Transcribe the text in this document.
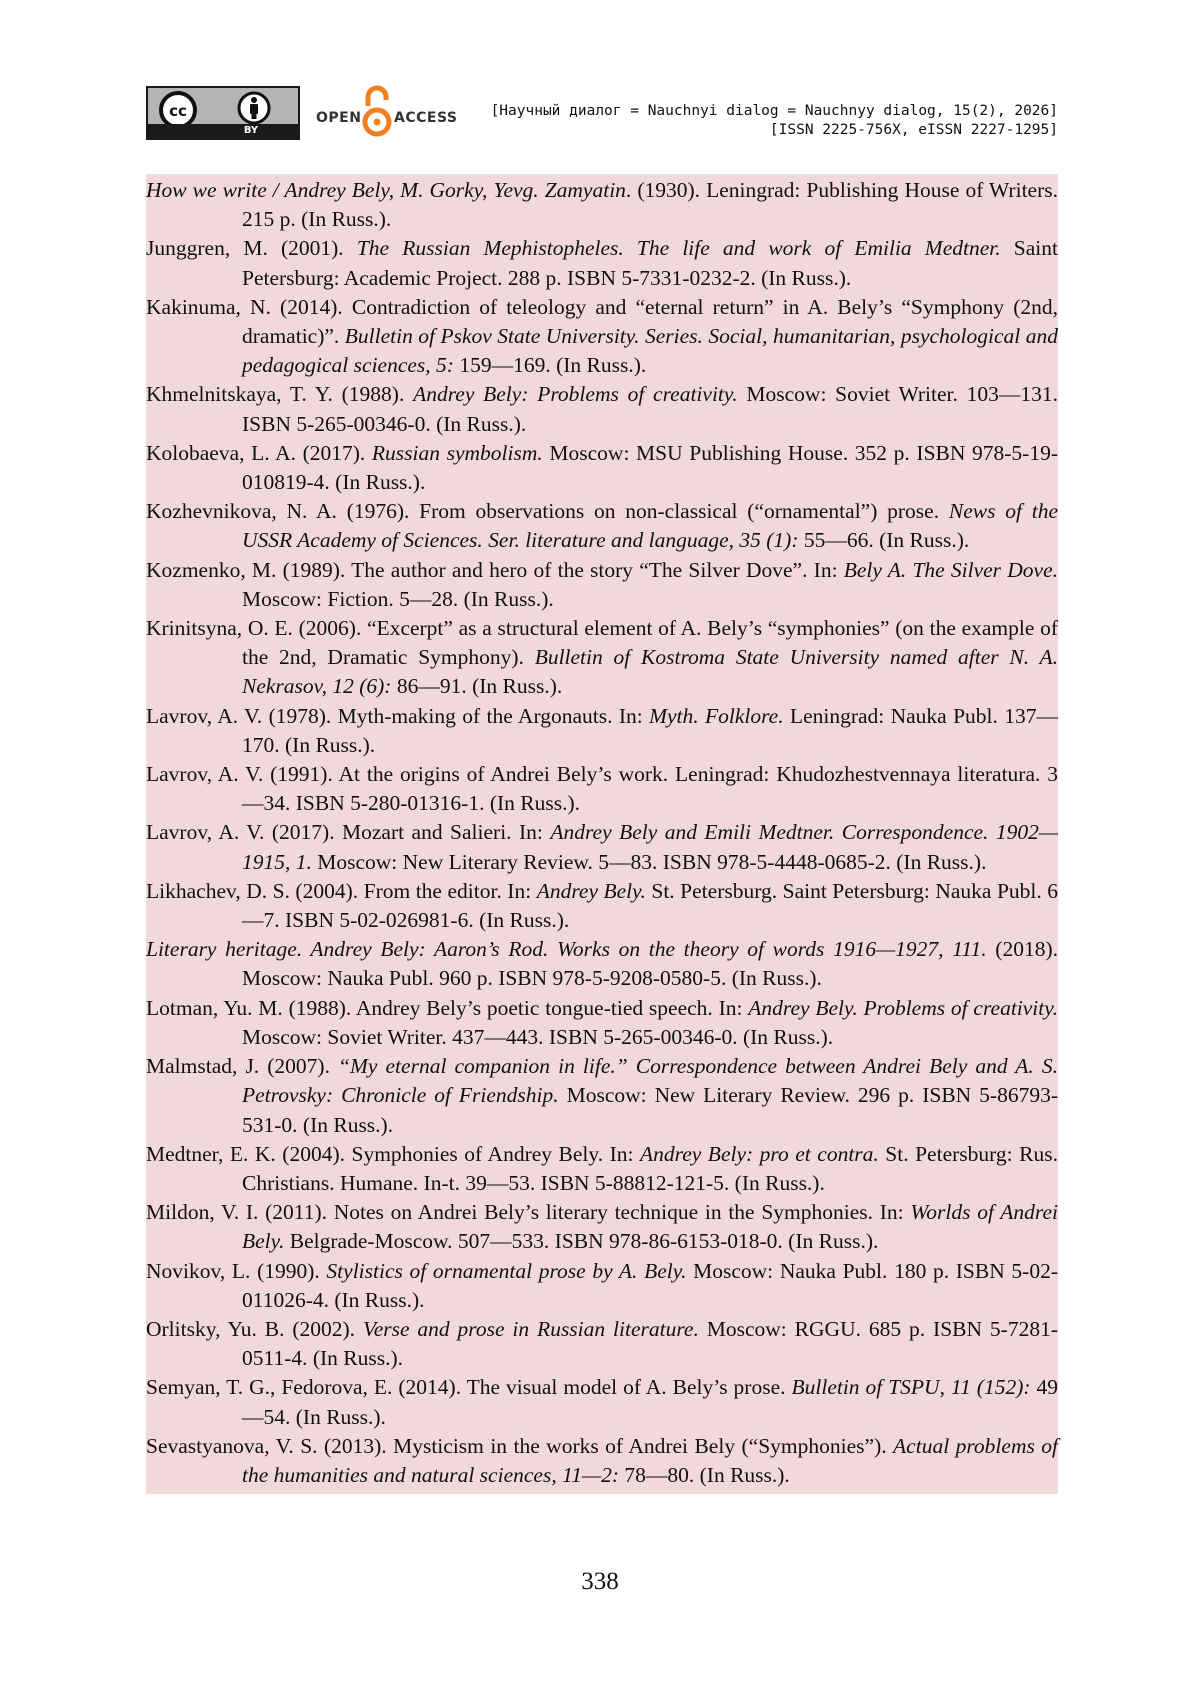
cc
BY
OPEN ACCESS [Научный диалог = Nauchnyi dialog = Nauchnyy dialog, 15(2), 2026]
[ISSN 2225-756X, eISSN 2227-1295]

How we write / Andrey Bely, M. Gorky, Yevg. Zamyatin. (1930). Leningrad: Publishing House of Writers. 215 p. (In Russ.).

Junggren, M. (2001). The Russian Mephistopheles. The life and work of Emilia Medtner. Saint Petersburg: Academic Project. 288 p. ISBN 5-7331-0232-2. (In Russ.).

Kakinuma, N. (2014). Contradiction of teleology and “eternal return” in A. Bely’s “Symphony (2nd, dramatic)”. Bulletin of Pskov State University. Series. Social, humanitarian, psychological and pedagogical sciences, 5: 159—169. (In Russ.).

Khmelnitskaya, T. Y. (1988). Andrey Bely: Problems of creativity. Moscow: Soviet Writer. 103—131. ISBN 5-265-00346-0. (In Russ.).

Kolobaeva, L. A. (2017). Russian symbolism. Moscow: MSU Publishing House. 352 p. ISBN 978-5-19-010819-4. (In Russ.).

Kozhevnikova, N. A. (1976). From observations on non-classical (“ornamental”) prose. News of the USSR Academy of Sciences. Ser. literature and language, 35 (1): 55—66. (In Russ.).

Kozmenko, M. (1989). The author and hero of the story “The Silver Dove”. In: Bely A. The Silver Dove. Moscow: Fiction. 5—28. (In Russ.).

Krinitsyna, O. E. (2006). “Excerpt” as a structural element of A. Bely’s “symphonies” (on the example of the 2nd, Dramatic Symphony). Bulletin of Kostroma State University named after N. A. Nekrasov, 12 (6): 86—91. (In Russ.).

Lavrov, A. V. (1978). Myth-making of the Argonauts. In: Myth. Folklore. Leningrad: Nauka Publ. 137—170. (In Russ.).

Lavrov, A. V. (1991). At the origins of Andrei Bely’s work. Leningrad: Khudozhestvennaya literatura. 3—34. ISBN 5-280-01316-1. (In Russ.).

Lavrov, A. V. (2017). Mozart and Salieri. In: Andrey Bely and Emili Medtner. Correspondence. 1902—1915, 1. Moscow: New Literary Review. 5—83. ISBN 978-5-4448-0685-2. (In Russ.).

Likhachev, D. S. (2004). From the editor. In: Andrey Bely. St. Petersburg. Saint Petersburg: Nauka Publ. 6—7. ISBN 5-02-026981-6. (In Russ.).

Literary heritage. Andrey Bely: Aaron’s Rod. Works on the theory of words 1916—1927, 111. (2018). Moscow: Nauka Publ. 960 p. ISBN 978-5-9208-0580-5. (In Russ.).

Lotman, Yu. M. (1988). Andrey Bely’s poetic tongue-tied speech. In: Andrey Bely. Problems of creativity. Moscow: Soviet Writer. 437—443. ISBN 5-265-00346-0. (In Russ.).

Malmstad, J. (2007). “My eternal companion in life.” Correspondence between Andrei Bely and A. S. Petrovsky: Chronicle of Friendship. Moscow: New Literary Review. 296 p. ISBN 5-86793-531-0. (In Russ.).

Medtner, E. K. (2004). Symphonies of Andrey Bely. In: Andrey Bely: pro et contra. St. Petersburg: Rus. Christians. Humane. In-t. 39—53. ISBN 5-88812-121-5. (In Russ.).

Mildon, V. I. (2011). Notes on Andrei Bely’s literary technique in the Symphonies. In: Worlds of Andrei Bely. Belgrade-Moscow. 507—533. ISBN 978-86-6153-018-0. (In Russ.).

Novikov, L. (1990). Stylistics of ornamental prose by A. Bely. Moscow: Nauka Publ. 180 p. ISBN 5-02-011026-4. (In Russ.).

Orlitsky, Yu. B. (2002). Verse and prose in Russian literature. Moscow: RGGU. 685 p. ISBN 5-7281-0511-4. (In Russ.).

Semyan, T. G., Fedorova, E. (2014). The visual model of A. Bely’s prose. Bulletin of TSPU, 11 (152): 49—54. (In Russ.).

Sevastyanova, V. S. (2013). Mysticism in the works of Andrei Bely (“Symphonies”). Actual problems of the humanities and natural sciences, 11—2: 78—80. (In Russ.).

338
